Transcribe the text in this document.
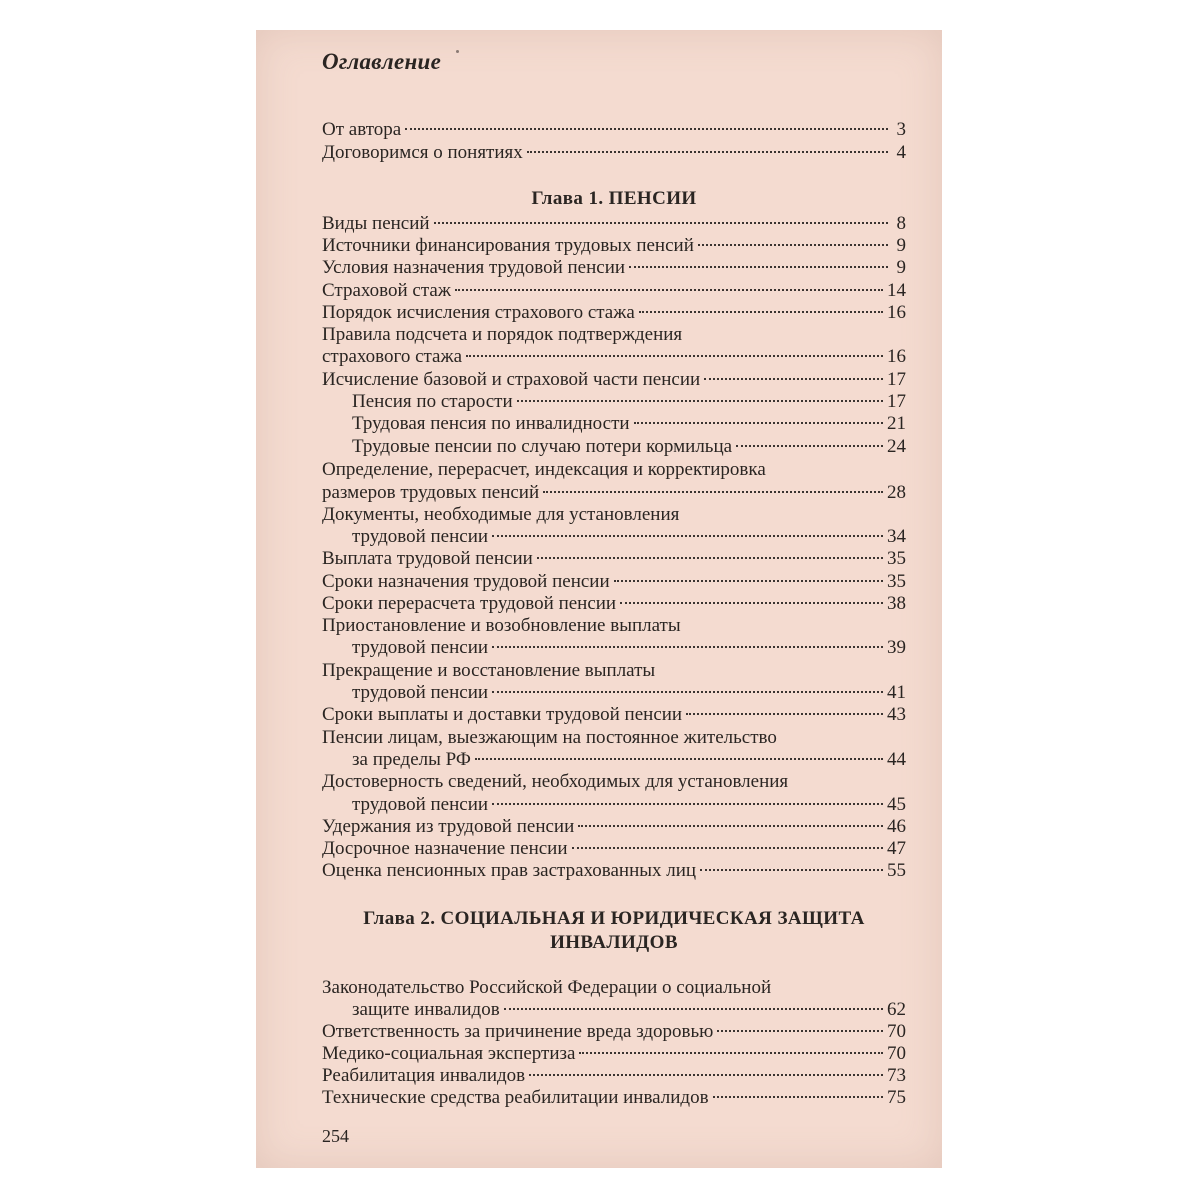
Оглавление
От автора	3
Договоримся о понятиях	4
Глава 1. ПЕНСИИ
Виды пенсий	8
Источники финансирования трудовых пенсий	9
Условия назначения трудовой пенсии	9
Страховой стаж	14
Порядок исчисления страхового стажа	16
Правила подсчета и порядок подтверждения
страхового стажа	16
Исчисление базовой и страховой части пенсии	17
Пенсия по старости	17
Трудовая пенсия по инвалидности	21
Трудовые пенсии по случаю потери кормильца	24
Определение, перерасчет, индексация и корректировка
размеров трудовых пенсий	28
Документы, необходимые для установления
трудовой пенсии	34
Выплата трудовой пенсии	35
Сроки назначения трудовой пенсии	35
Сроки перерасчета трудовой пенсии	38
Приостановление и возобновление выплаты
трудовой пенсии	39
Прекращение и восстановление выплаты
трудовой пенсии	41
Сроки выплаты и доставки трудовой пенсии	43
Пенсии лицам, выезжающим на постоянное жительство
за пределы РФ	44
Достоверность сведений, необходимых для установления
трудовой пенсии	45
Удержания из трудовой пенсии	46
Досрочное назначение пенсии	47
Оценка пенсионных прав застрахованных лиц	55
Глава 2. СОЦИАЛЬНАЯ И ЮРИДИЧЕСКАЯ ЗАЩИТА
ИНВАЛИДОВ
Законодательство Российской Федерации о социальной
защите инвалидов	62
Ответственность за причинение вреда здоровью	70
Медико-социальная экспертиза	70
Реабилитация инвалидов	73
Технические средства реабилитации инвалидов	75
254
